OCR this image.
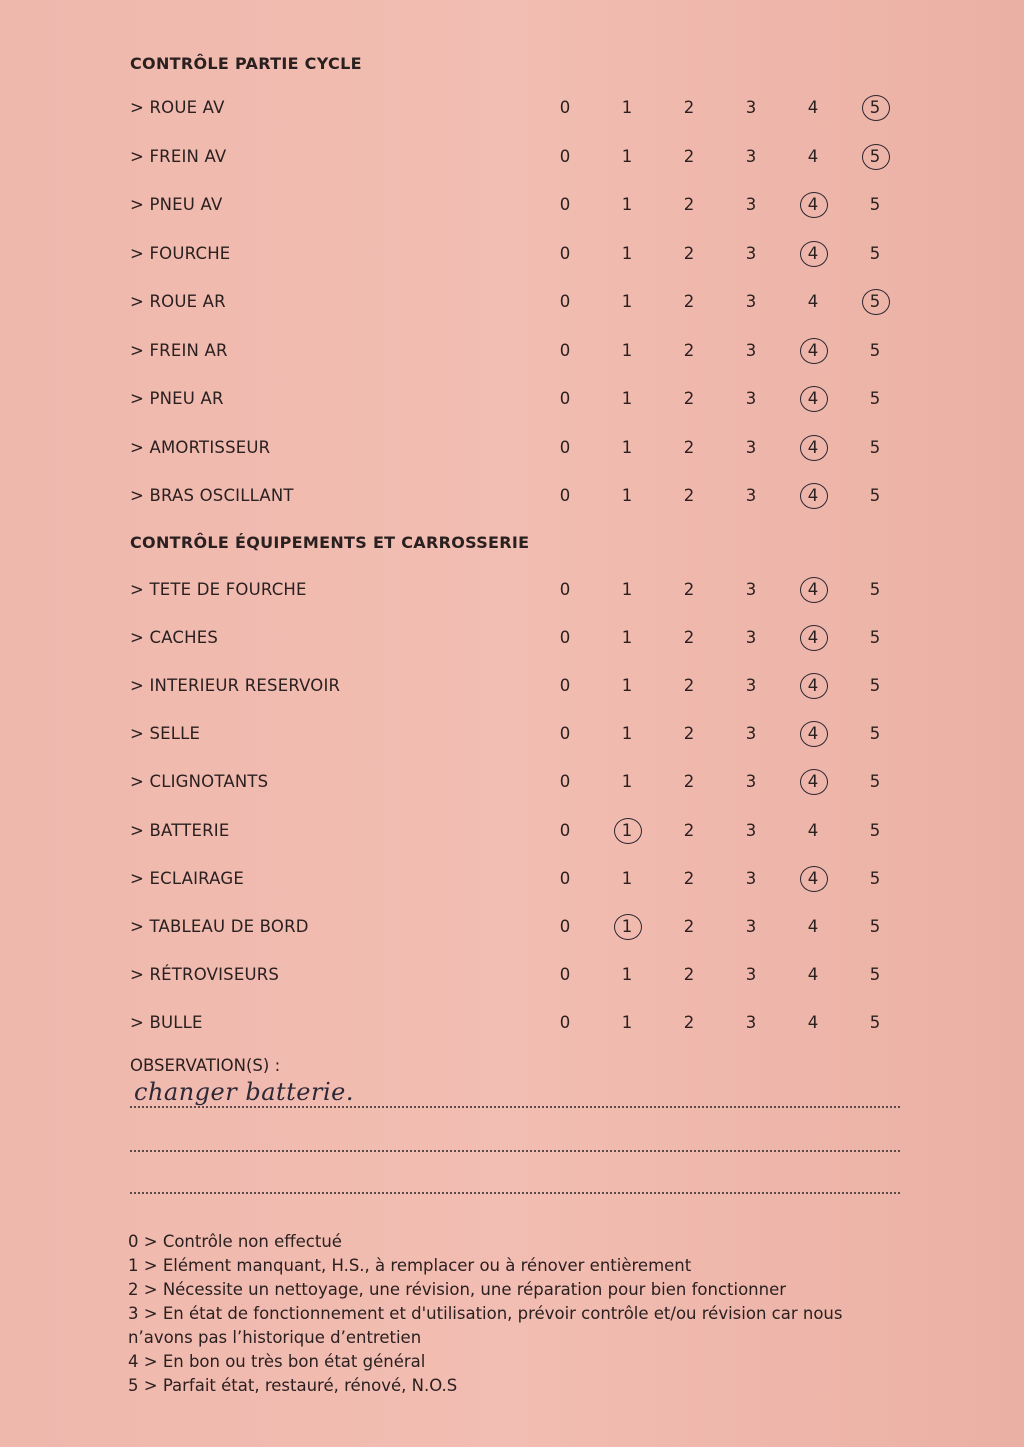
CONTRÔLE PARTIE CYCLE
> ROUE AV	0	1	2	3	4	5
> FREIN AV	0	1	2	3	4	5
> PNEU AV	0	1	2	3	4	5
> FOURCHE	0	1	2	3	4	5
> ROUE AR	0	1	2	3	4	5
> FREIN AR	0	1	2	3	4	5
> PNEU AR	0	1	2	3	4	5
> AMORTISSEUR	0	1	2	3	4	5
> BRAS OSCILLANT	0	1	2	3	4	5
CONTRÔLE ÉQUIPEMENTS ET CARROSSERIE
> TETE DE FOURCHE	0	1	2	3	4	5
> CACHES	0	1	2	3	4	5
> INTERIEUR RESERVOIR	0	1	2	3	4	5
> SELLE	0	1	2	3	4	5
> CLIGNOTANTS	0	1	2	3	4	5
> BATTERIE	0	1	2	3	4	5
> ECLAIRAGE	0	1	2	3	4	5
> TABLEAU DE BORD	0	1	2	3	4	5
> RÉTROVISEURS	0	1	2	3	4	5
> BULLE	0	1	2	3	4	5
OBSERVATION(S) :
changer batterie.
0 > Contrôle non effectué
1 > Elément manquant, H.S., à remplacer ou à rénover entièrement
2 > Nécessite un nettoyage, une révision, une réparation pour bien fonctionner
3 > En état de fonctionnement et d'utilisation, prévoir contrôle et/ou révision car nous n’avons pas l’historique d’entretien
4 > En bon ou très bon état général
5 > Parfait état, restauré, rénové, N.O.S
